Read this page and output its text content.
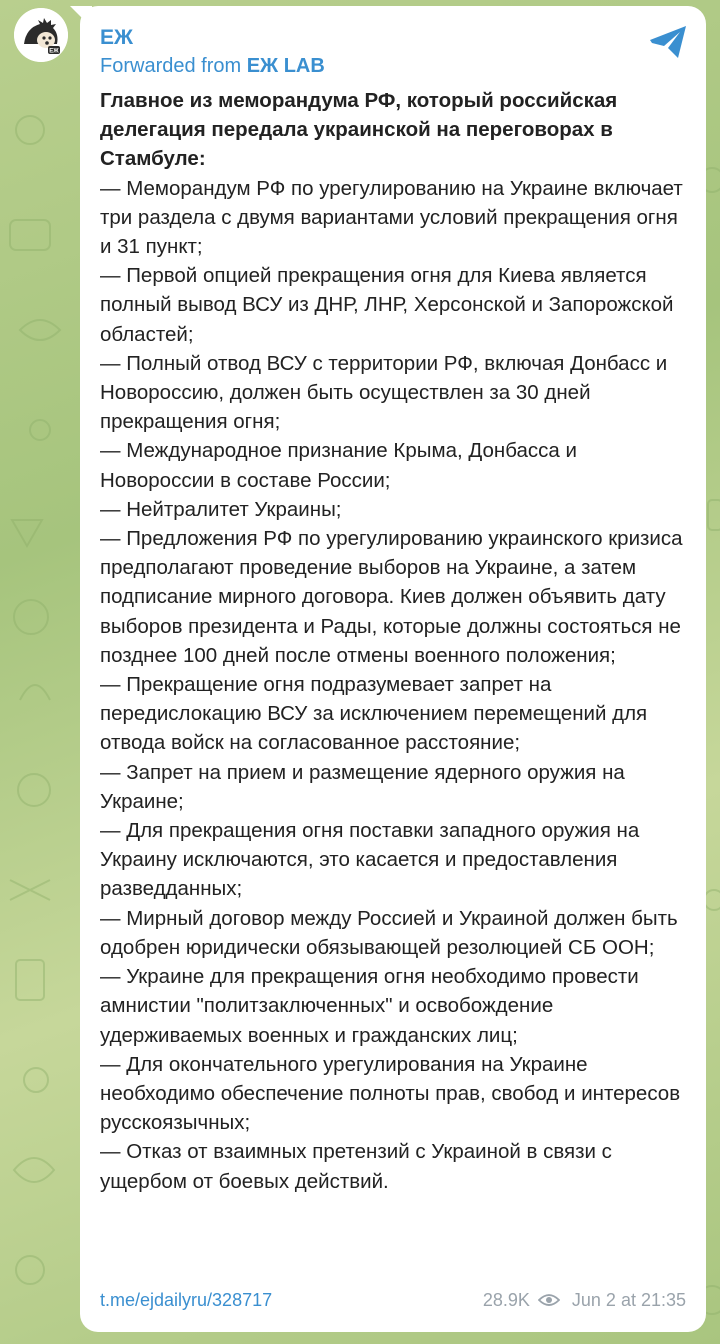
ЕЖ
ЕЖ
Forwarded from ЕЖ LAB
Главное из меморандума РФ, который российская делегация передала украинской на переговорах в Стамбуле:
— Меморандум РФ по урегулированию на Украине включает три раздела с двумя вариантами условий прекращения огня и 31 пункт;
— Первой опцией прекращения огня для Киева является полный вывод ВСУ из ДНР, ЛНР, Херсонской и Запорожской областей;
— Полный отвод ВСУ с территории РФ, включая Донбасс и Новороссию, должен быть осуществлен за 30 дней прекращения огня;
— Международное признание Крыма, Донбасса и Новороссии в составе России;
— Нейтралитет Украины;
— Предложения РФ по урегулированию украинского кризиса предполагают проведение выборов на Украине, а затем подписание мирного договора. Киев должен объявить дату выборов президента и Рады, которые должны состояться не позднее 100 дней после отмены военного положения;
— Прекращение огня подразумевает запрет на передислокацию ВСУ за исключением перемещений для отвода войск на согласованное расстояние;
— Запрет на прием и размещение ядерного оружия на Украине;
— Для прекращения огня поставки западного оружия на Украину исключаются, это касается и предоставления разведданных;
— Мирный договор между Россией и Украиной должен быть одобрен юридически обязывающей резолюцией СБ ООН;
— Украине для прекращения огня необходимо провести амнистии "политзаключенных" и освобождение удерживаемых военных и гражданских лиц;
— Для окончательного урегулирования на Украине необходимо обеспечение полноты прав, свобод и интересов русскоязычных;
— Отказ от взаимных претензий с Украиной в связи с ущербом от боевых действий.
t.me/ejdailyru/328717	28.9K Jun 2 at 21:35
